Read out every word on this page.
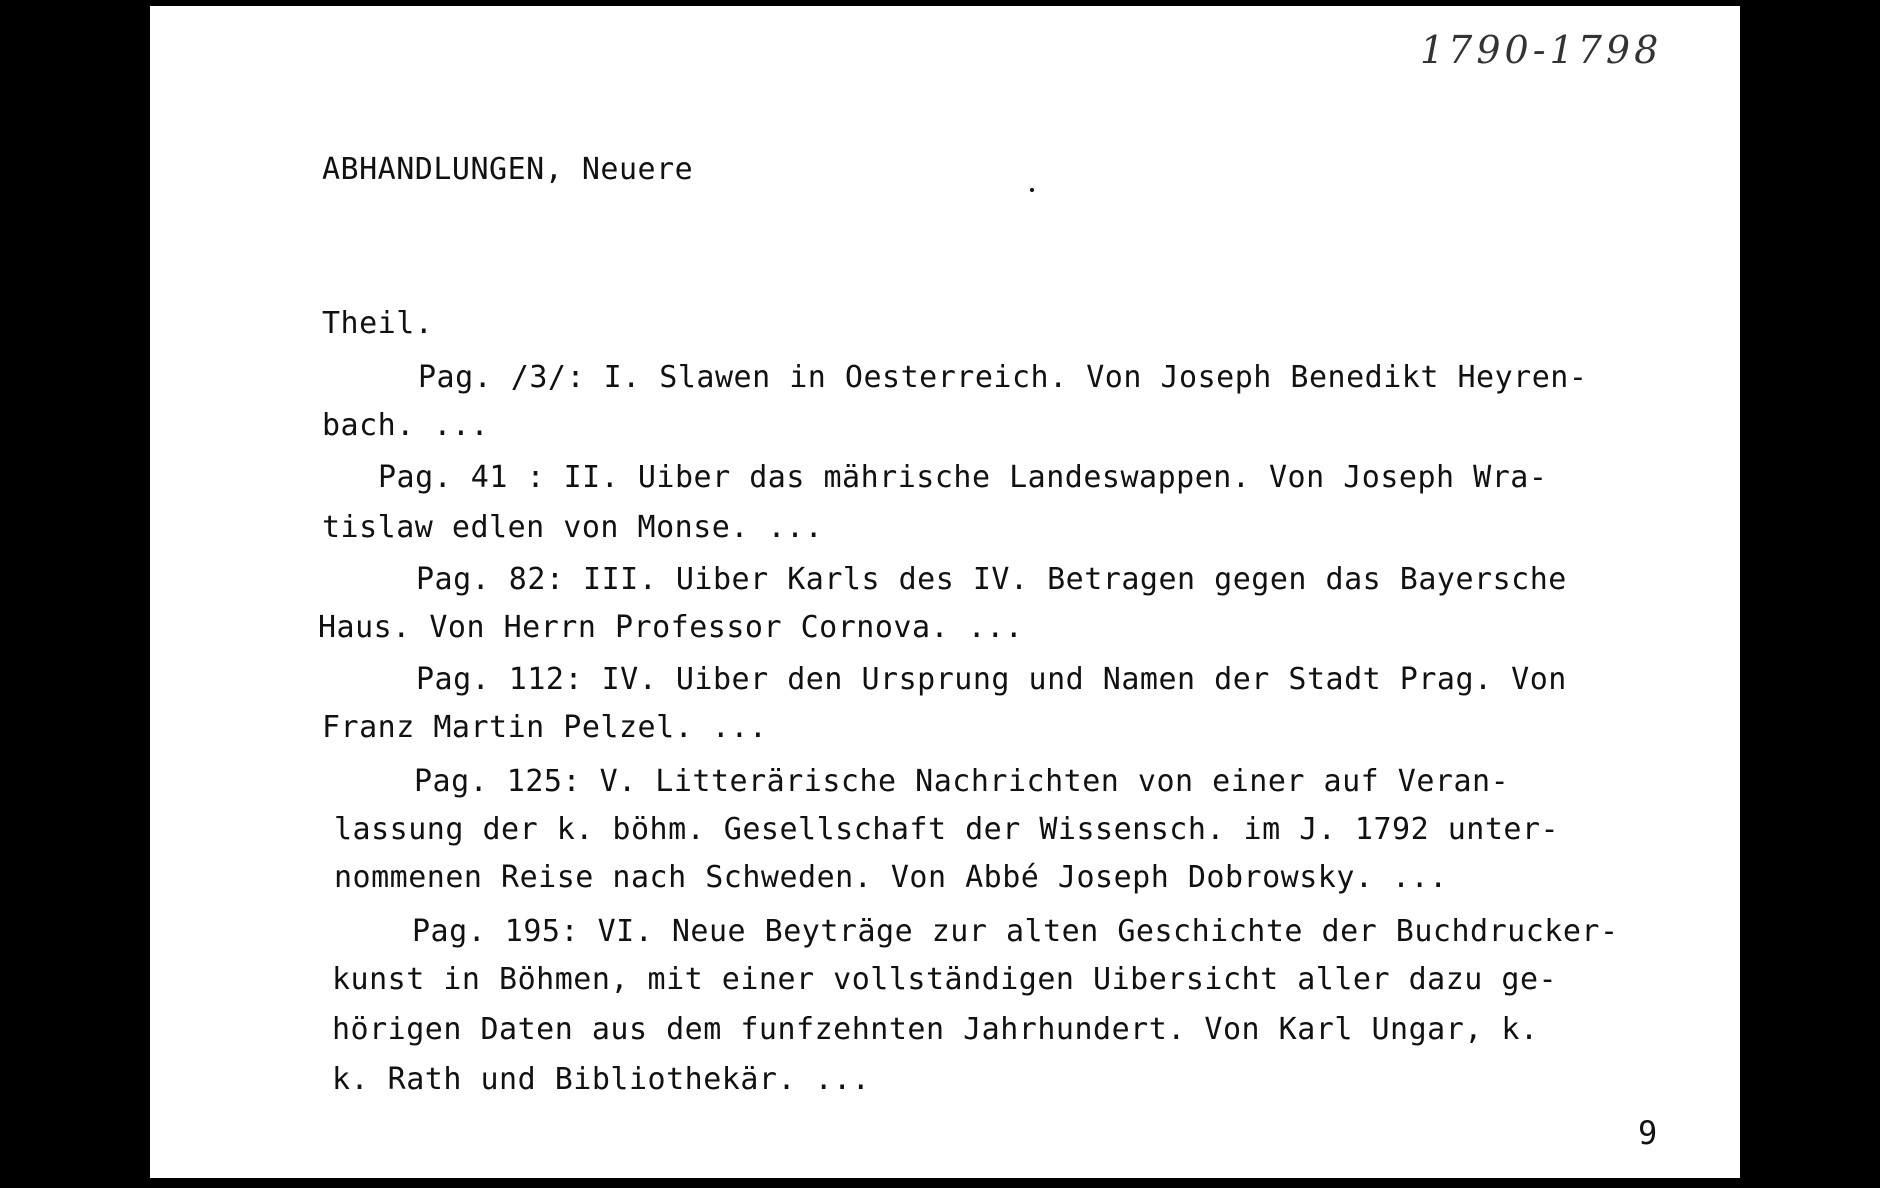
1790-1798
ABHANDLUNGEN, Neuere
Theil.
Pag. /3/: I. Slawen in Oesterreich. Von Joseph Benedikt Heyren-
bach. ...
Pag. 41 : II. Uiber das mährische Landeswappen. Von Joseph Wra-
tislaw edlen von Monse. ...
Pag. 82: III. Uiber Karls des IV. Betragen gegen das Bayersche
Haus. Von Herrn Professor Cornova. ...
Pag. 112: IV. Uiber den Ursprung und Namen der Stadt Prag. Von
Franz Martin Pelzel. ...
Pag. 125: V. Litterärische Nachrichten von einer auf Veran-
lassung der k. böhm. Gesellschaft der Wissensch. im J. 1792 unter-
nommenen Reise nach Schweden. Von Abbé Joseph Dobrowsky. ...
Pag. 195: VI. Neue Beyträge zur alten Geschichte der Buchdrucker-
kunst in Böhmen, mit einer vollständigen Uibersicht aller dazu ge-
hörigen Daten aus dem funfzehnten Jahrhundert. Von Karl Ungar, k.
k. Rath und Bibliothekär. ...
9
